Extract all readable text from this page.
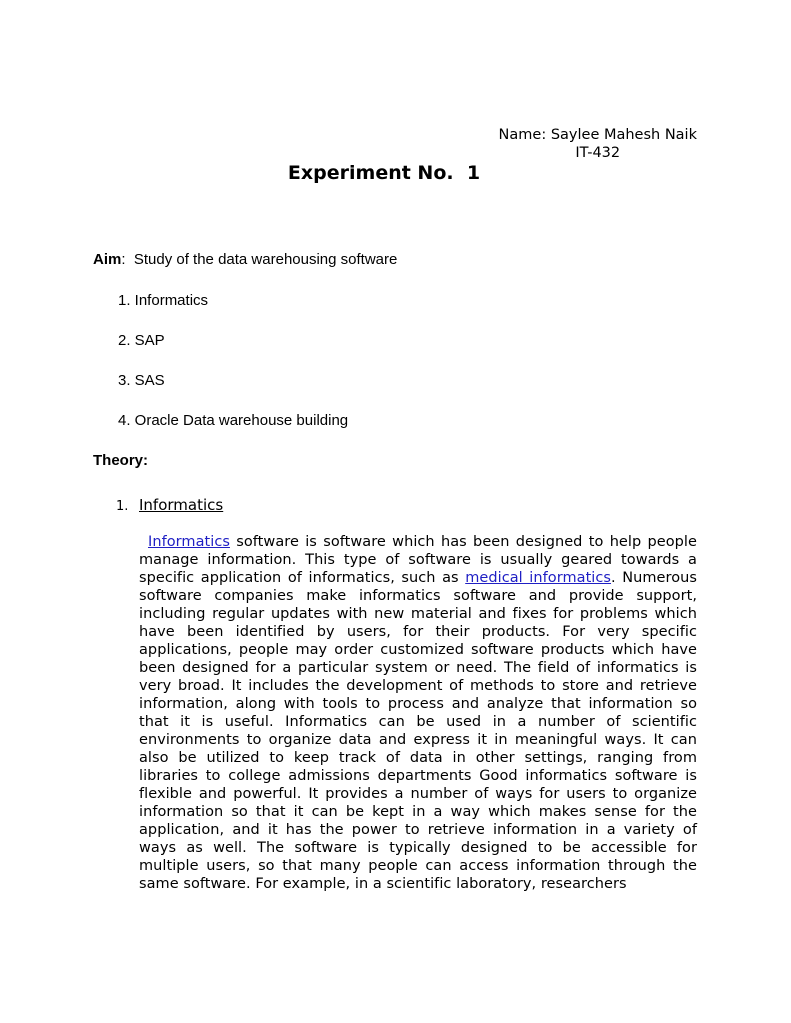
Name: Saylee Mahesh Naik
IT-432
Experiment No.  1
Aim:  Study of the data warehousing software
1. Informatics
2. SAP
3. SAS
4. Oracle Data warehouse building
Theory:
1. Informatics
Informatics software is software which has been designed to help people manage information. This type of software is usually geared towards a specific application of informatics, such as medical informatics. Numerous software companies make informatics software and provide support, including regular updates with new material and fixes for problems which have been identified by users, for their products. For very specific applications, people may order customized software products which have been designed for a particular system or need. The field of informatics is very broad. It includes the development of methods to store and retrieve information, along with tools to process and analyze that information so that it is useful. Informatics can be used in a number of scientific environments to organize data and express it in meaningful ways. It can also be utilized to keep track of data in other settings, ranging from libraries to college admissions departments Good informatics software is flexible and powerful. It provides a number of ways for users to organize information so that it can be kept in a way which makes sense for the application, and it has the power to retrieve information in a variety of ways as well. The software is typically designed to be accessible for multiple users, so that many people can access information through the same software. For example, in a scientific laboratory, researchers
